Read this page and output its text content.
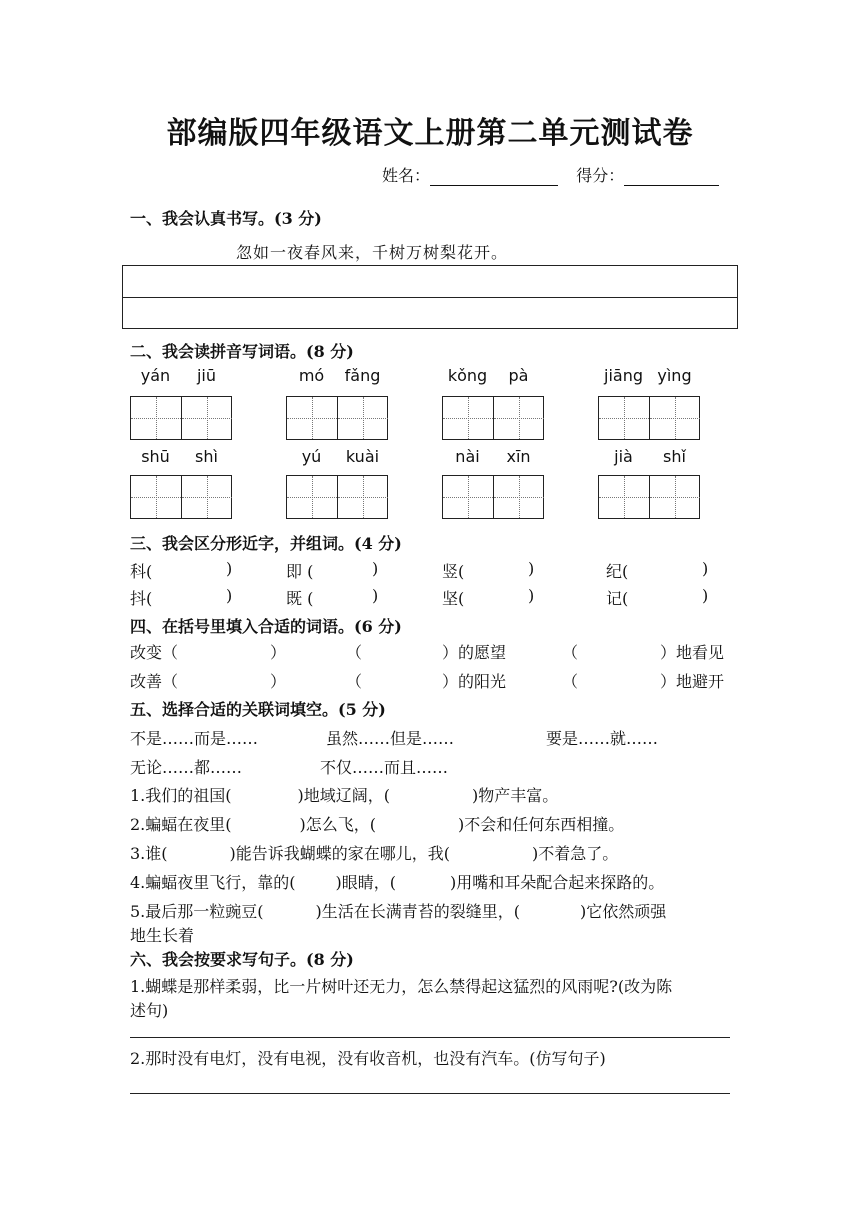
部编版四年级语文上册第二单元测试卷
姓名：	得分：
一、我会认真书写。(3 分)
忽如一夜春风来，千树万树梨花开。
二、我会读拼音写词语。(8 分)
yán	jiū	mó	fǎng	kǒng	pà	jiāng yìng
shū	shì	yú	kuài	nài	xīn	jià	shǐ
三、我会区分形近字，并组词。(4 分)
科(	)	即 (	)	竖(	)	纪(	)
抖(	)	既 (	)	坚(	)	记(	)
四、在括号里填入合适的词语。(6 分)
改变（	）	（	）的愿望	（	）地看见
改善（	）	（	）的阳光	（	）地避开
五、选择合适的关联词填空。(5 分)
不是……而是……	虽然……但是……	要是……就……
无论……都……	不仅……而且……
1.我们的祖国(	)地域辽阔，(	)物产丰富。
2.蝙蝠在夜里(	)怎么飞，(	)不会和任何东西相撞。
3.谁(	)能告诉我蝴蝶的家在哪儿，我(	)不着急了。
4.蝙蝠夜里飞行，靠的(	)眼睛，(	)用嘴和耳朵配合起来探路的。
5.最后那一粒豌豆(	)生活在长满青苔的裂缝里，(	)它依然顽强
地生长着
六、我会按要求写句子。(8 分)
1.蝴蝶是那样柔弱，比一片树叶还无力，怎么禁得起这猛烈的风雨呢?(改为陈
述句)
2.那时没有电灯，没有电视，没有收音机，也没有汽车。(仿写句子)
